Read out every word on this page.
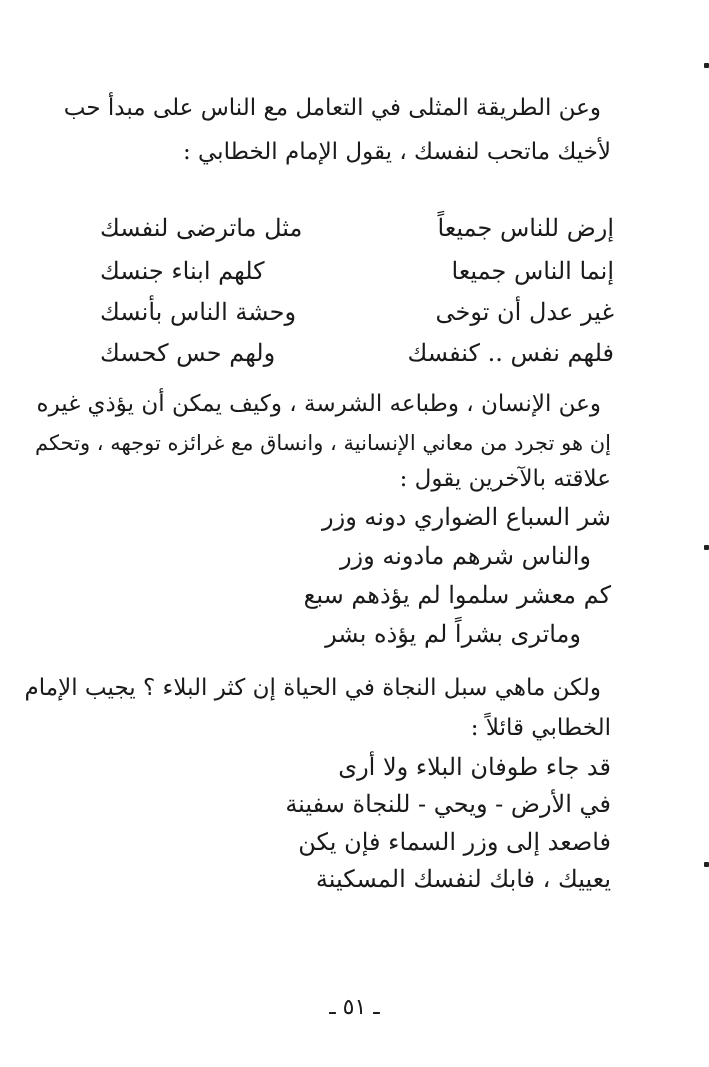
وعن الطريقة المثلى في التعامل مع الناس على مبدأ حب
لأخيك ماتحب لنفسك ، يقول الإمام الخطابي :
إرض للناس جميعاً
مثل ماترضى لنفسك
إنما الناس جميعا
كلهم ابناء جنسك
غير عدل أن توخى
وحشة الناس بأنسك
فلهم نفس .. كنفسك
ولهم حس كحسك
وعن الإنسان ، وطباعه الشرسة ، وكيف يمكن أن يؤذي غيره
إن هو تجرد من معاني الإنسانية ، وانساق مع غرائزه توجهه ، وتحكم
علاقته بالآخرين يقول :
شر السباع الضواري دونه وزر
والناس شرهم مادونه وزر
كم معشر سلموا لم يؤذهم سبع
وماترى بشراً لم يؤذه بشر
ولكن ماهي سبل النجاة في الحياة إن كثر البلاء ؟ يجيب الإمام
الخطابي قائلاً :
قد جاء طوفان البلاء ولا أرى
في الأرض - ويحي - للنجاة سفينة
فاصعد إلى وزر السماء فإن يكن
يعييك ، فابك لنفسك المسكينة
ـ ٥١ ـ
